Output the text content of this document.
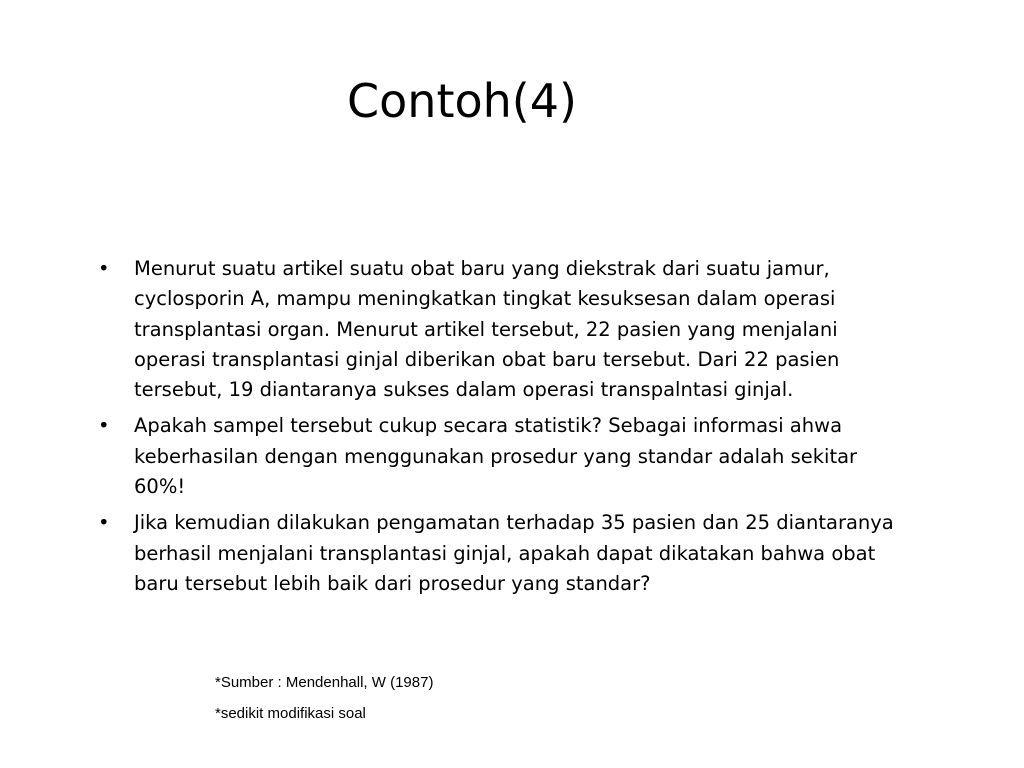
Contoh(4)
•	Menurut suatu artikel suatu obat baru yang diekstrak dari suatu jamur, cyclosporin A, mampu meningkatkan tingkat kesuksesan dalam operasi transplantasi organ. Menurut artikel tersebut, 22 pasien yang menjalani operasi transplantasi ginjal diberikan obat baru tersebut. Dari 22 pasien tersebut, 19 diantaranya sukses dalam operasi transpalntasi ginjal.
•	Apakah sampel tersebut cukup secara statistik? Sebagai informasi ahwa keberhasilan dengan menggunakan prosedur yang standar adalah sekitar 60%!
•	Jika kemudian dilakukan pengamatan terhadap 35 pasien dan 25 diantaranya berhasil menjalani transplantasi ginjal, apakah dapat dikatakan bahwa obat baru tersebut lebih baik dari prosedur yang standar?

*Sumber : Mendenhall, W (1987)

*sedikit modifikasi soal
